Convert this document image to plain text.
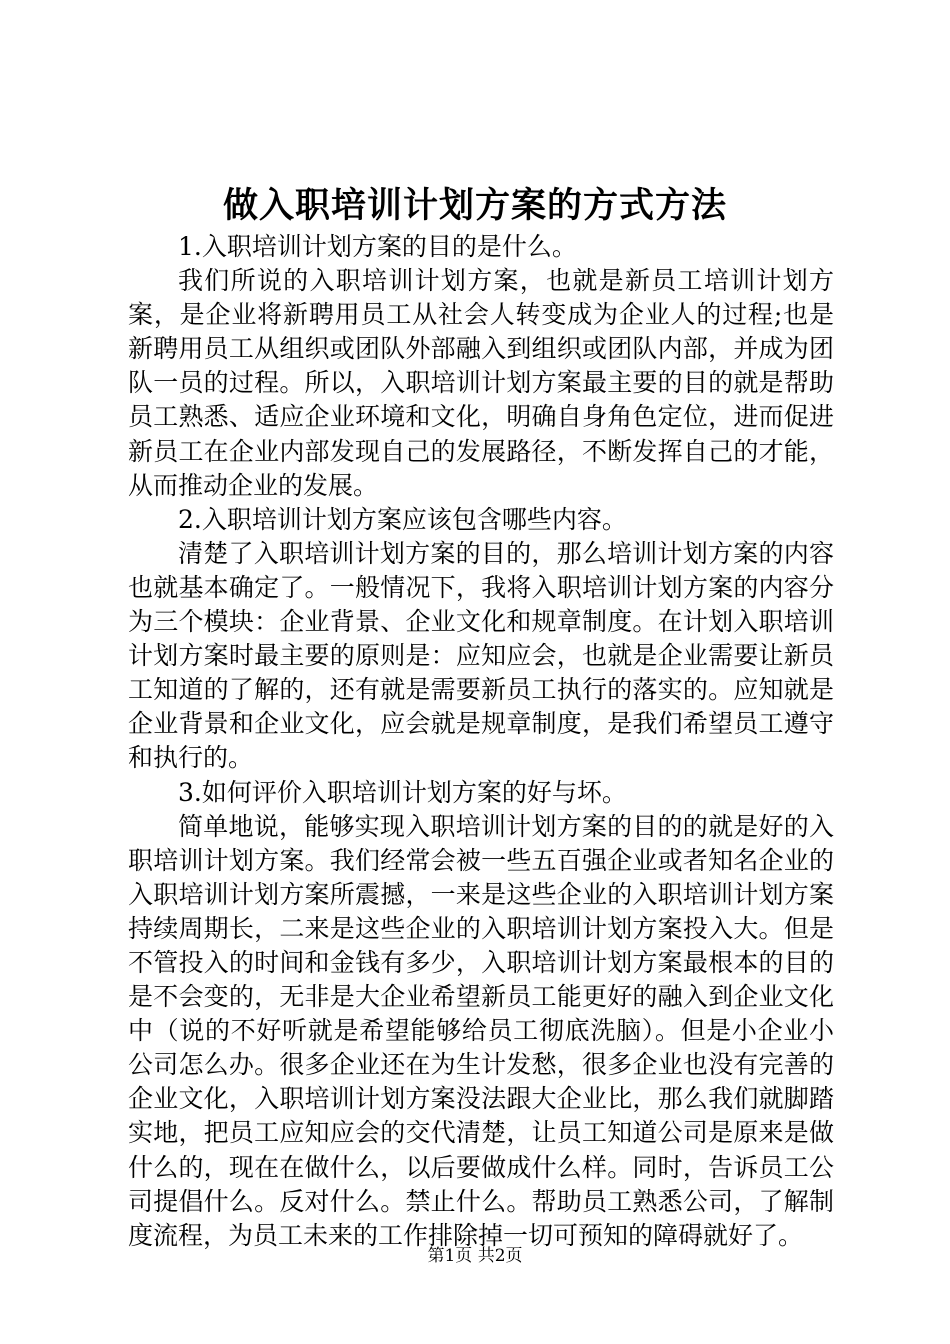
做入职培训计划方案的方式方法

1.入职培训计划方案的目的是什么。

我们所说的入职培训计划方案，也就是新员工培训计划方案，是企业将新聘用员工从社会人转变成为企业人的过程;也是新聘用员工从组织或团队外部融入到组织或团队内部，并成为团队一员的过程。所以，入职培训计划方案最主要的目的就是帮助员工熟悉、适应企业环境和文化，明确自身角色定位，进而促进新员工在企业内部发现自己的发展路径，不断发挥自己的才能，从而推动企业的发展。

2.入职培训计划方案应该包含哪些内容。

清楚了入职培训计划方案的目的，那么培训计划方案的内容也就基本确定了。一般情况下，我将入职培训计划方案的内容分为三个模块：企业背景、企业文化和规章制度。在计划入职培训计划方案时最主要的原则是：应知应会，也就是企业需要让新员工知道的了解的，还有就是需要新员工执行的落实的。应知就是企业背景和企业文化，应会就是规章制度，是我们希望员工遵守和执行的。

3.如何评价入职培训计划方案的好与坏。

简单地说，能够实现入职培训计划方案的目的的就是好的入职培训计划方案。我们经常会被一些五百强企业或者知名企业的入职培训计划方案所震撼，一来是这些企业的入职培训计划方案持续周期长，二来是这些企业的入职培训计划方案投入大。但是不管投入的时间和金钱有多少，入职培训计划方案最根本的目的是不会变的，无非是大企业希望新员工能更好的融入到企业文化中（说的不好听就是希望能够给员工彻底洗脑）。但是小企业小公司怎么办。很多企业还在为生计发愁，很多企业也没有完善的企业文化，入职培训计划方案没法跟大企业比，那么我们就脚踏实地，把员工应知应会的交代清楚，让员工知道公司是原来是做什么的，现在在做什么，以后要做成什么样。同时，告诉员工公司提倡什么。反对什么。禁止什么。帮助员工熟悉公司，了解制度流程，为员工未来的工作排除掉一切可预知的障碍就好了。

第1页 共2页
